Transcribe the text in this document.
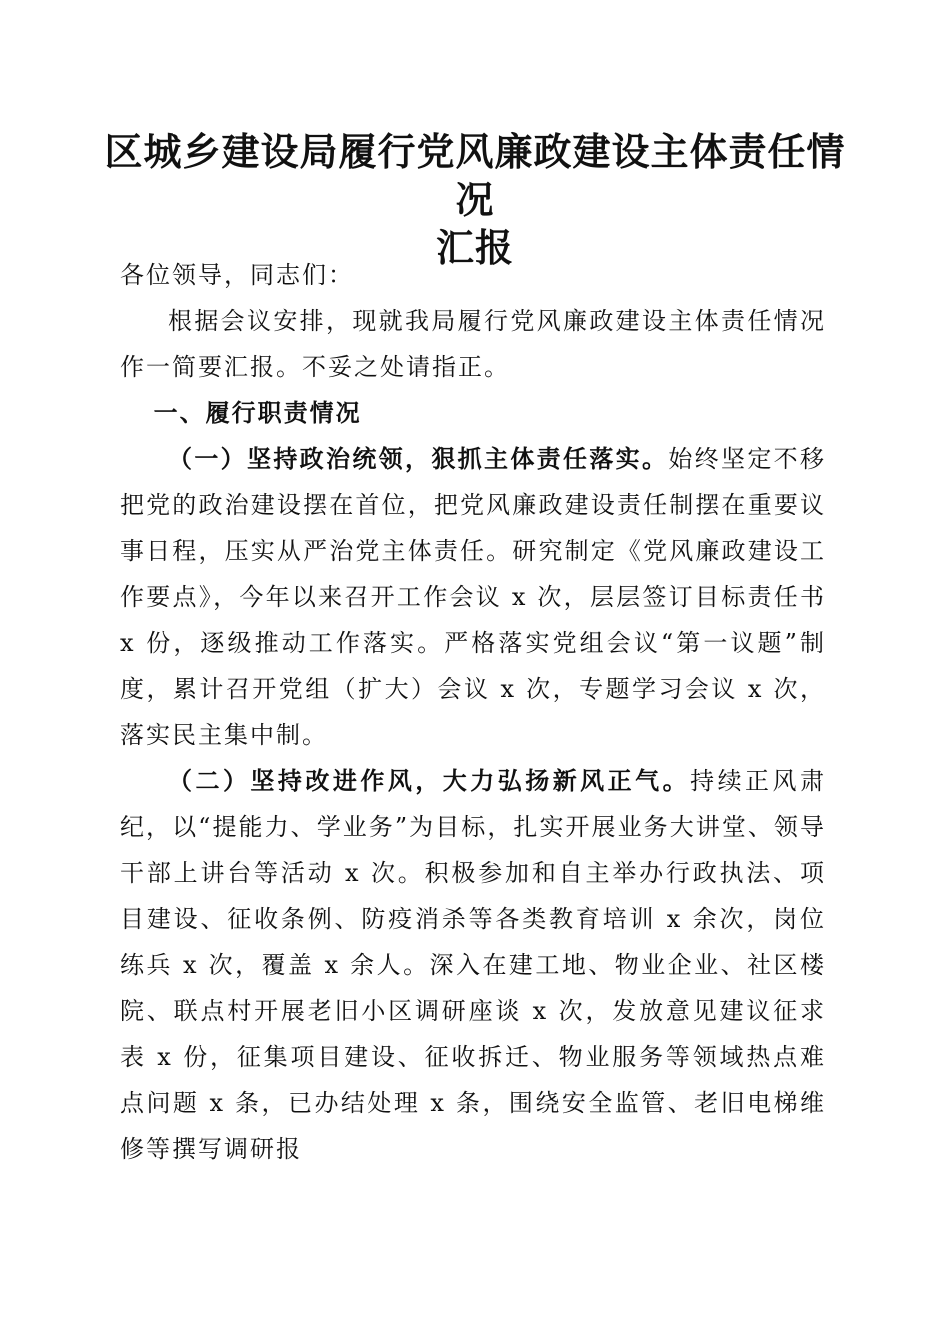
区城乡建设局履行党风廉政建设主体责任情况
汇报

各位领导，同志们：

根据会议安排，现就我局履行党风廉政建设主体责任情况作一简要汇报。不妥之处请指正。

一、履行职责情况

（一）坚持政治统领，狠抓主体责任落实。始终坚定不移把党的政治建设摆在首位，把党风廉政建设责任制摆在重要议事日程，压实从严治党主体责任。研究制定《党风廉政建设工作要点》，今年以来召开工作会议 x 次，层层签订目标责任书 x 份，逐级推动工作落实。严格落实党组会议“第一议题”制度，累计召开党组（扩大）会议 x 次，专题学习会议 x 次，落实民主集中制。

（二）坚持改进作风，大力弘扬新风正气。持续正风肃纪，以“提能力、学业务”为目标，扎实开展业务大讲堂、领导干部上讲台等活动 x 次。积极参加和自主举办行政执法、项目建设、征收条例、防疫消杀等各类教育培训 x 余次，岗位练兵 x 次，覆盖 x 余人。深入在建工地、物业企业、社区楼院、联点村开展老旧小区调研座谈 x 次，发放意见建议征求表 x 份，征集项目建设、征收拆迁、物业服务等领域热点难点问题 x 条，已办结处理 x 条，围绕安全监管、老旧电梯维修等撰写调研报
